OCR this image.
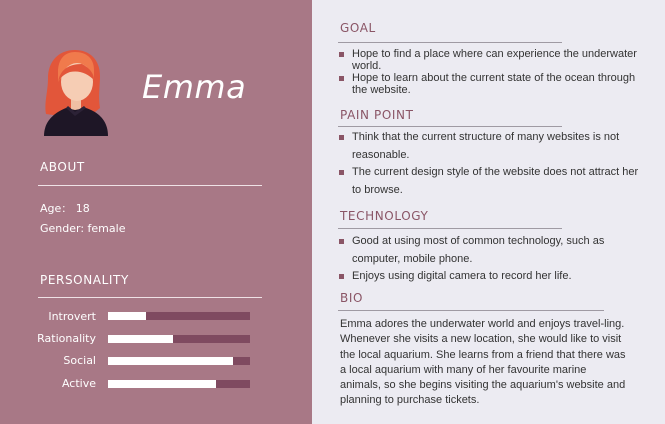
Emma
ABOUT
Age： 18
Gender: female
PERSONALITY
Introvert
Rationality
Social
Active
GOAL
Hope to find a place where can experience the underwater world.
Hope to learn about the current state of the ocean through the website.
PAIN POINT
Think that the current structure of many websites is not reasonable.
The current design style of the website does not attract her to browse.
TECHNOLOGY
Good at using most of common technology, such as computer, mobile phone.
Enjoys using digital camera to record her life.
BIO

Emma adores the underwater world and enjoys travel-ling. Whenever she visits a new location, she would like to visit the local aquarium. She learns from a friend that there was a local aquarium with many of her favourite marine animals, so she begins visiting the aquarium's website and planning to purchase tickets.
